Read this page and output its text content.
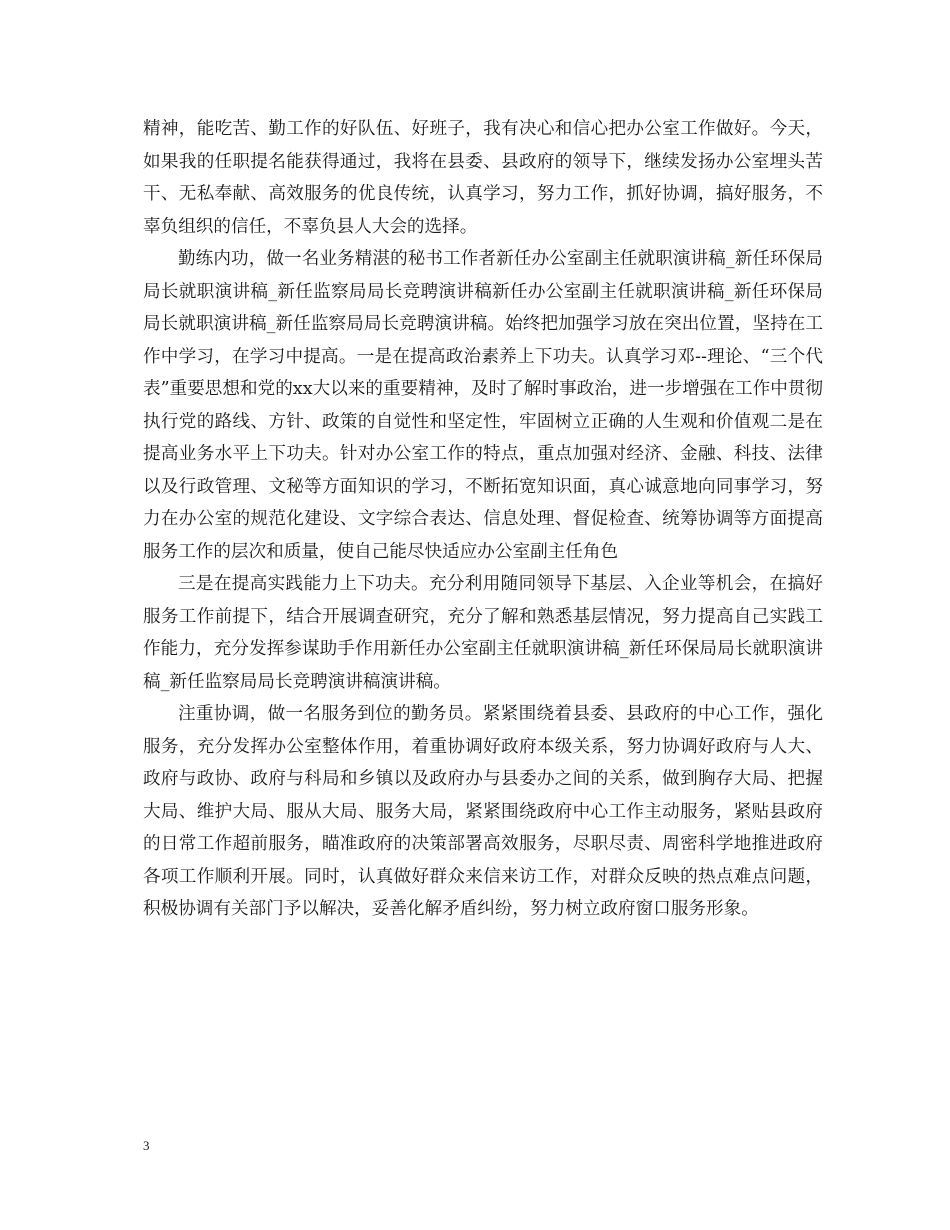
精神，能吃苦、勤工作的好队伍、好班子，我有决心和信心把办公室工作做好。今天，如果我的任职提名能获得通过，我将在县委、县政府的领导下，继续发扬办公室埋头苦干、无私奉献、高效服务的优良传统，认真学习，努力工作，抓好协调，搞好服务，不辜负组织的信任，不辜负县人大会的选择。

勤练内功，做一名业务精湛的秘书工作者新任办公室副主任就职演讲稿_新任环保局局长就职演讲稿_新任监察局局长竞聘演讲稿新任办公室副主任就职演讲稿_新任环保局局长就职演讲稿_新任监察局局长竞聘演讲稿。始终把加强学习放在突出位置，坚持在工作中学习，在学习中提高。一是在提高政治素养上下功夫。认真学习邓--理论、“三个代表”重要思想和党的xx大以来的重要精神，及时了解时事政治，进一步增强在工作中贯彻执行党的路线、方针、政策的自觉性和坚定性，牢固树立正确的人生观和价值观二是在提高业务水平上下功夫。针对办公室工作的特点，重点加强对经济、金融、科技、法律以及行政管理、文秘等方面知识的学习，不断拓宽知识面，真心诚意地向同事学习，努力在办公室的规范化建设、文字综合表达、信息处理、督促检查、统筹协调等方面提高服务工作的层次和质量，使自己能尽快适应办公室副主任角色

三是在提高实践能力上下功夫。充分利用随同领导下基层、入企业等机会，在搞好服务工作前提下，结合开展调查研究，充分了解和熟悉基层情况，努力提高自己实践工作能力，充分发挥参谋助手作用新任办公室副主任就职演讲稿_新任环保局局长就职演讲稿_新任监察局局长竞聘演讲稿演讲稿。

注重协调，做一名服务到位的勤务员。紧紧围绕着县委、县政府的中心工作，强化服务，充分发挥办公室整体作用，着重协调好政府本级关系，努力协调好政府与人大、政府与政协、政府与科局和乡镇以及政府办与县委办之间的关系，做到胸存大局、把握大局、维护大局、服从大局、服务大局，紧紧围绕政府中心工作主动服务，紧贴县政府的日常工作超前服务，瞄准政府的决策部署高效服务，尽职尽责、周密科学地推进政府各项工作顺利开展。同时，认真做好群众来信来访工作，对群众反映的热点难点问题，积极协调有关部门予以解决，妥善化解矛盾纠纷，努力树立政府窗口服务形象。

3
